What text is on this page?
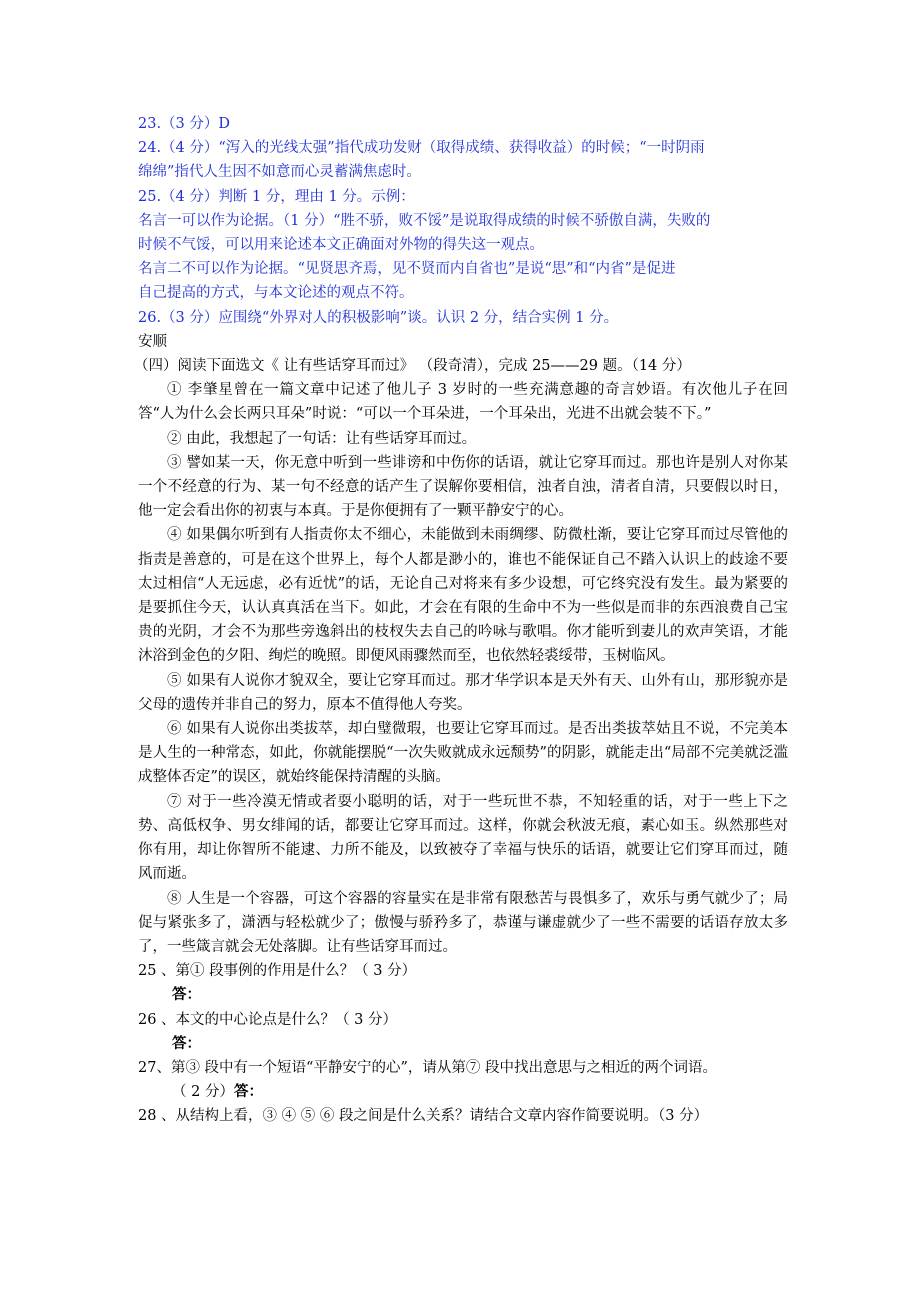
23.（3 分）D
24.（4 分）“泻入的光线太强”指代成功发财（取得成绩、获得收益）的时候；“一时阴雨
绵绵”指代人生因不如意而心灵蓄满焦虑时。
25.（4 分）判断 1 分，理由 1 分。示例：
名言一可以作为论据。（1 分）“胜不骄，败不馁”是说取得成绩的时候不骄傲自满，失败的
时候不气馁，可以用来论述本文正确面对外物的得失这一观点。
名言二不可以作为论据。“见贤思齐焉，见不贤而内自省也”是说“思”和“内省”是促进
自己提高的方式，与本文论述的观点不符。
26.（3 分）应围绕“外界对人的积极影响”谈。认识 2 分，结合实例 1 分。
安顺
（四）阅读下面选文《 让有些话穿耳而过》 （段奇清），完成 25——29 题。（14 分）
① 李肇星曾在一篇文章中记述了他儿子 3 岁时的一些充满意趣的奇言妙语。有次他儿子在回答“人为什么会长两只耳朵”时说：“可以一个耳朵进，一个耳朵出，光进不出就会装不下。”
② 由此，我想起了一句话：让有些话穿耳而过。
③ 譬如某一天，你无意中听到一些诽谤和中伤你的话语，就让它穿耳而过。那也许是别人对你某一个不经意的行为、某一句不经意的话产生了误解你要相信，浊者自浊，清者自清，只要假以时日，他一定会看出你的初衷与本真。于是你便拥有了一颗平静安宁的心。
④ 如果偶尔听到有人指责你太不细心，未能做到未雨绸缪、防微杜渐，要让它穿耳而过尽管他的指责是善意的，可是在这个世界上，每个人都是渺小的，谁也不能保证自己不踏入认识上的歧途不要太过相信“人无远虑，必有近忧”的话，无论自己对将来有多少设想，可它终究没有发生。最为紧要的是要抓住今天，认认真真活在当下。如此，才会在有限的生命中不为一些似是而非的东西浪费自己宝贵的光阴，才会不为那些旁逸斜出的枝杈失去自己的吟咏与歌唱。你才能听到妻儿的欢声笑语，才能沐浴到金色的夕阳、绚烂的晚照。即便风雨骤然而至，也依然轻裘绥带，玉树临风。
⑤ 如果有人说你才貌双全，要让它穿耳而过。那才华学识本是天外有天、山外有山，那形貌亦是父母的遗传并非自己的努力，原本不值得他人夸奖。
⑥ 如果有人说你出类拔萃，却白璧微瑕，也要让它穿耳而过。是否出类拔萃姑且不说，不完美本是人生的一种常态，如此，你就能摆脱“一次失败就成永远颓势”的阴影，就能走出“局部不完美就泛滥成整体否定”的误区，就始终能保持清醒的头脑。
⑦ 对于一些冷漠无情或者耍小聪明的话，对于一些玩世不恭，不知轻重的话，对于一些上下之势、高低权争、男女绯闻的话，都要让它穿耳而过。这样，你就会秋波无痕，素心如玉。纵然那些对你有用，却让你智所不能逮、力所不能及，以致被夺了幸福与快乐的话语，就要让它们穿耳而过，随风而逝。
⑧ 人生是一个容器，可这个容器的容量实在是非常有限愁苦与畏惧多了，欢乐与勇气就少了；局促与紧张多了，潇洒与轻松就少了；傲慢与骄矜多了，恭谨与谦虚就少了一些不需要的话语存放太多了，一些箴言就会无处落脚。让有些话穿耳而过。
25 、第① 段事例的作用是什么？（ 3 分）
答：
26 、本文的中心论点是什么？（ 3 分）
答：
27、第③ 段中有一个短语“平静安宁的心”，请从第⑦ 段中找出意思与之相近的两个词语。
（ 2 分）答：
28 、从结构上看，③ ④ ⑤ ⑥ 段之间是什么关系？请结合文章内容作简要说明。（3 分）
